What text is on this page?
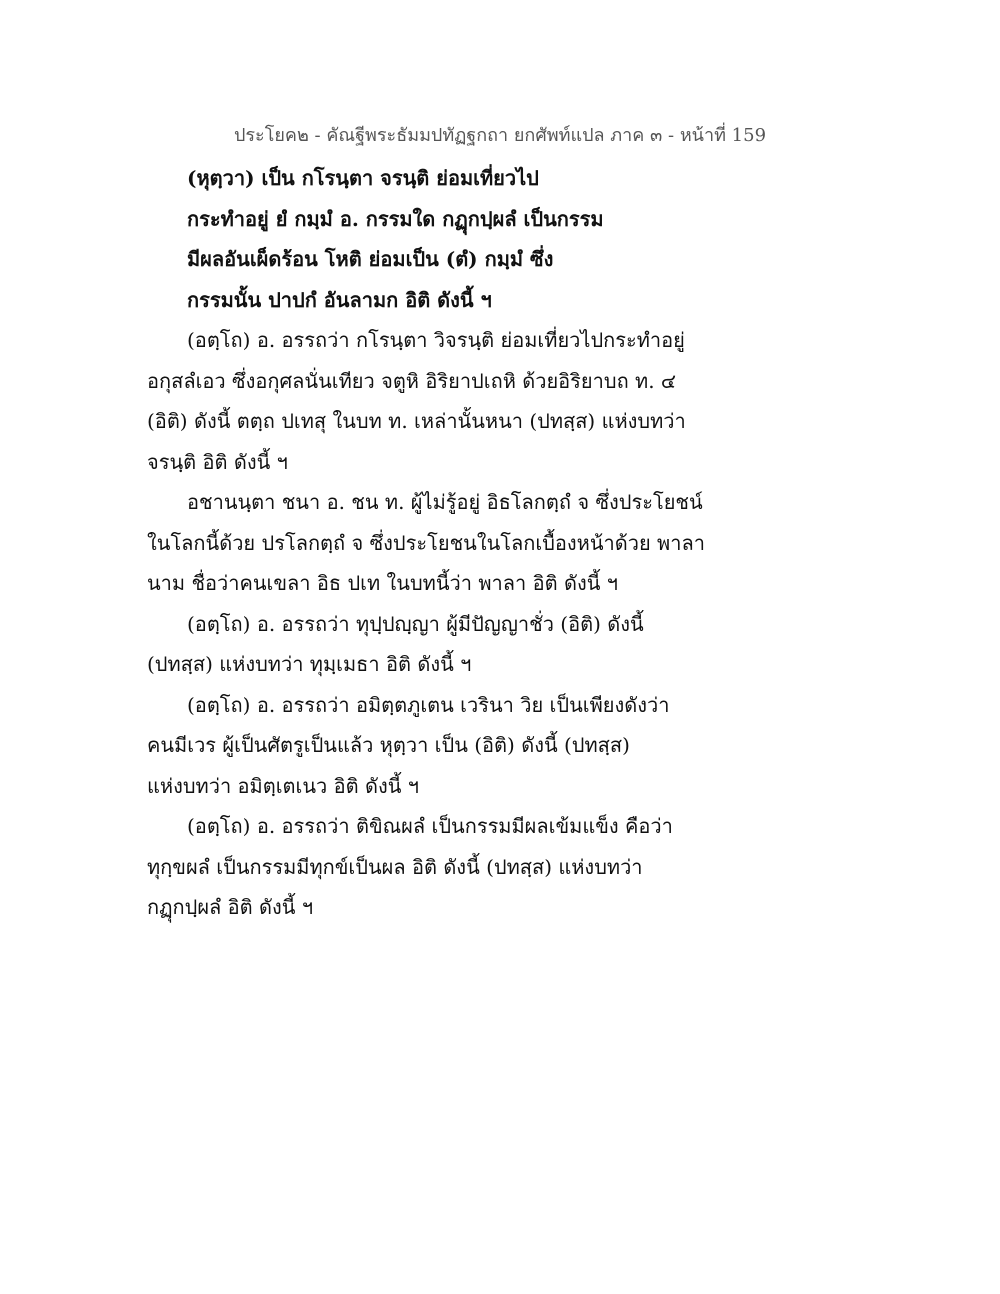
ประโยค๒ - คัณฐีพระธัมมปทัฏฐกถา ยกศัพท์แปล ภาค ๓ - หน้าที่ 159
(หุตฺวา) เป็น กโรนฺตา จรนฺติ ย่อมเที่ยวไป
กระทำอยู่ ยํ กมฺมํ อ. กรรมใด กฏุกปฺผลํ เป็นกรรม
มีผลอันเผ็ดร้อน โหติ ย่อมเป็น (ตํ) กมฺมํ ซึ่ง
กรรมนั้น ปาปกํ อันลามก อิติ ดังนี้ ฯ
(อตฺโถ) อ. อรรถว่า กโรนฺตา วิจรนฺติ ย่อมเที่ยวไปกระทำอยู่
อกุสลํเอว ซึ่งอกุศลนั่นเทียว จตูหิ อิริยาปเถหิ ด้วยอิริยาบถ ท. ๔
(อิติ) ดังนี้ ตตฺถ ปเทสุ ในบท ท. เหล่านั้นหนา (ปทสฺส) แห่งบทว่า
จรนฺติ อิติ ดังนี้ ฯ
อชานนฺตา ชนา อ. ชน ท. ผู้ไม่รู้อยู่ อิธโลกตฺถํ จ ซึ่งประโยชน์
ในโลกนี้ด้วย ปรโลกตฺถํ จ ซึ่งประโยชนในโลกเบื้องหน้าด้วย พาลา
นาม ชื่อว่าคนเขลา อิธ ปเท ในบทนี้ว่า พาลา อิติ ดังนี้ ฯ
(อตฺโถ) อ. อรรถว่า ทุปฺปญฺญา ผู้มีปัญญาชั่ว (อิติ) ดังนี้
(ปทสฺส) แห่งบทว่า ทุมฺเมธา อิติ ดังนี้ ฯ
(อตฺโถ) อ. อรรถว่า อมิตฺตภูเตน เวรินา วิย เป็นเพียงดังว่า
คนมีเวร ผู้เป็นศัตรูเป็นแล้ว หุตฺวา เป็น (อิติ) ดังนี้ (ปทสฺส)
แห่งบทว่า อมิตฺเตเนว อิติ ดังนี้ ฯ
(อตฺโถ) อ. อรรถว่า ติขิณผลํ เป็นกรรมมีผลเข้มแข็ง คือว่า
ทุกฺขผลํ เป็นกรรมมีทุกข์เป็นผล อิติ ดังนี้ (ปทสฺส) แห่งบทว่า
กฏุกปฺผลํ อิติ ดังนี้ ฯ
